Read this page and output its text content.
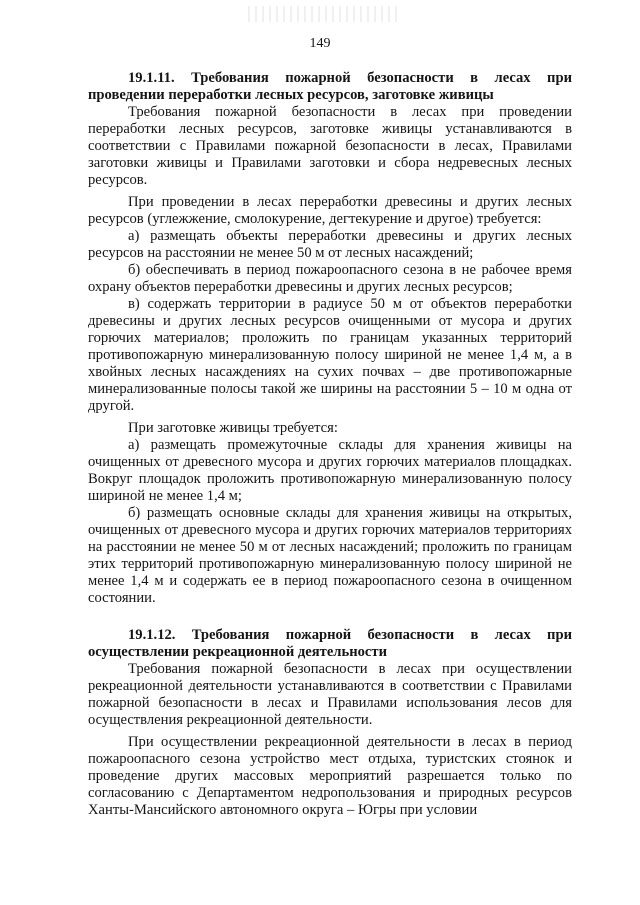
149

19.1.11. Требования пожарной безопасности в лесах при проведении переработки лесных ресурсов, заготовке живицы

Требования пожарной безопасности в лесах при проведении переработки лесных ресурсов, заготовке живицы устанавливаются в соответствии с Правилами пожарной безопасности в лесах, Правилами заготовки живицы и Правилами заготовки и сбора недревесных лесных ресурсов.

При проведении в лесах переработки древесины и других лесных ресурсов (углежжение, смолокурение, дегтекурение и другое) требуется:

а) размещать объекты переработки древесины и других лесных ресурсов на расстоянии не менее 50 м от лесных насаждений;

б) обеспечивать в период пожароопасного сезона в не рабочее время охрану объектов переработки древесины и других лесных ресурсов;

в) содержать территории в радиусе 50 м от объектов переработки древесины и других лесных ресурсов очищенными от мусора и других горючих материалов; проложить по границам указанных территорий противопожарную минерализованную полосу шириной не менее 1,4 м, а в хвойных лесных насаждениях на сухих почвах – две противопожарные минерализованные полосы такой же ширины на расстоянии 5 – 10 м одна от другой.

При заготовке живицы требуется:

а) размещать промежуточные склады для хранения живицы на очищенных от древесного мусора и других горючих материалов площадках. Вокруг площадок проложить противопожарную минерализованную полосу шириной не менее 1,4 м;

б) размещать основные склады для хранения живицы на открытых, очищенных от древесного мусора и других горючих материалов территориях на расстоянии не менее 50 м от лесных насаждений; проложить по границам этих территорий противопожарную минерализованную полосу шириной не менее 1,4 м и содержать ее в период пожароопасного сезона в очищенном состоянии.

19.1.12. Требования пожарной безопасности в лесах при осуществлении рекреационной деятельности

Требования пожарной безопасности в лесах при осуществлении рекреационной деятельности устанавливаются в соответствии с Правилами пожарной безопасности в лесах и Правилами использования лесов для осуществления рекреационной деятельности.

При осуществлении рекреационной деятельности в лесах в период пожароопасного сезона устройство мест отдыха, туристских стоянок и проведение других массовых мероприятий разрешается только по согласованию с Департаментом недропользования и природных ресурсов Ханты-Мансийского автономного округа – Югры при условии
